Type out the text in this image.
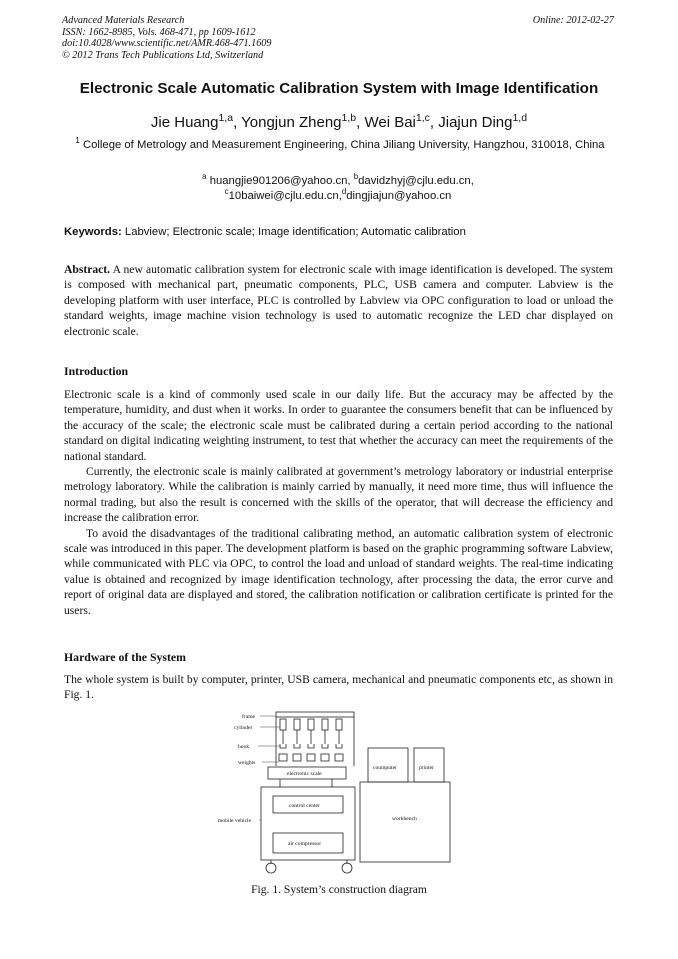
Advanced Materials Research
ISSN: 1662-8985, Vols. 468-471, pp 1609-1612
doi:10.4028/www.scientific.net/AMR.468-471.1609
© 2012 Trans Tech Publications Ltd, Switzerland
Online: 2012-02-27
Electronic Scale Automatic Calibration System with Image Identification
Jie Huang$^{1,a}$, Yongjun Zheng$^{1,b}$, Wei Bai$^{1,c}$, Jiajun Ding$^{1,d}$
$^1$ College of Metrology and Measurement Engineering, China Jiliang University, Hangzhou, 310018, China
$^a$ huangjie901206@yahoo.cn, $^b$davidzhyj@cjlu.edu.cn,
$^c$10baiwei@cjlu.edu.cn,$^d$dingjiajun@yahoo.cn
Keywords: Labview; Electronic scale; Image identification; Automatic calibration

Abstract. A new automatic calibration system for electronic scale with image identification is developed. The system is composed with mechanical part, pneumatic components, PLC, USB camera and computer. Labview is the developing platform with user interface, PLC is controlled by Labview via OPC configuration to load or unload the standard weights, image machine vision technology is used to automatic recognize the LED char displayed on electronic scale.

Introduction

Electronic scale is a kind of commonly used scale in our daily life. But the accuracy may be affected by the temperature, humidity, and dust when it works. In order to guarantee the consumers benefit that can be influenced by the accuracy of the scale; the electronic scale must be calibrated during a certain period according to the national standard on digital indicating weighting instrument, to test that whether the accuracy can meet the requirements of the national standard.

Currently, the electronic scale is mainly calibrated at government’s metrology laboratory or industrial enterprise metrology laboratory. While the calibration is mainly carried by manually, it need more time, thus will influence the normal trading, but also the result is concerned with the skills of the operator, that will decrease the efficiency and increase the calibration error.

To avoid the disadvantages of the traditional calibrating method, an automatic calibration system of electronic scale was introduced in this paper. The development platform is based on the graphic programming software Labview, while communicated with PLC via OPC, to control the load and unload of standard weights. The real-time indicating value is obtained and recognized by image identification technology, after processing the data, the error curve and report of original data are displayed and stored, the calibration notification or calibration certificate is printed for the users.

Hardware of the System

The whole system is built by computer, printer, USB camera, mechanical and pneumatic components etc, as shown in Fig. 1.

frame
cylinder
hook
weights
electronic scale
control center
air compressor
mobile vehicle
coumputer	printer
workbench
Fig. 1. System’s construction diagram
